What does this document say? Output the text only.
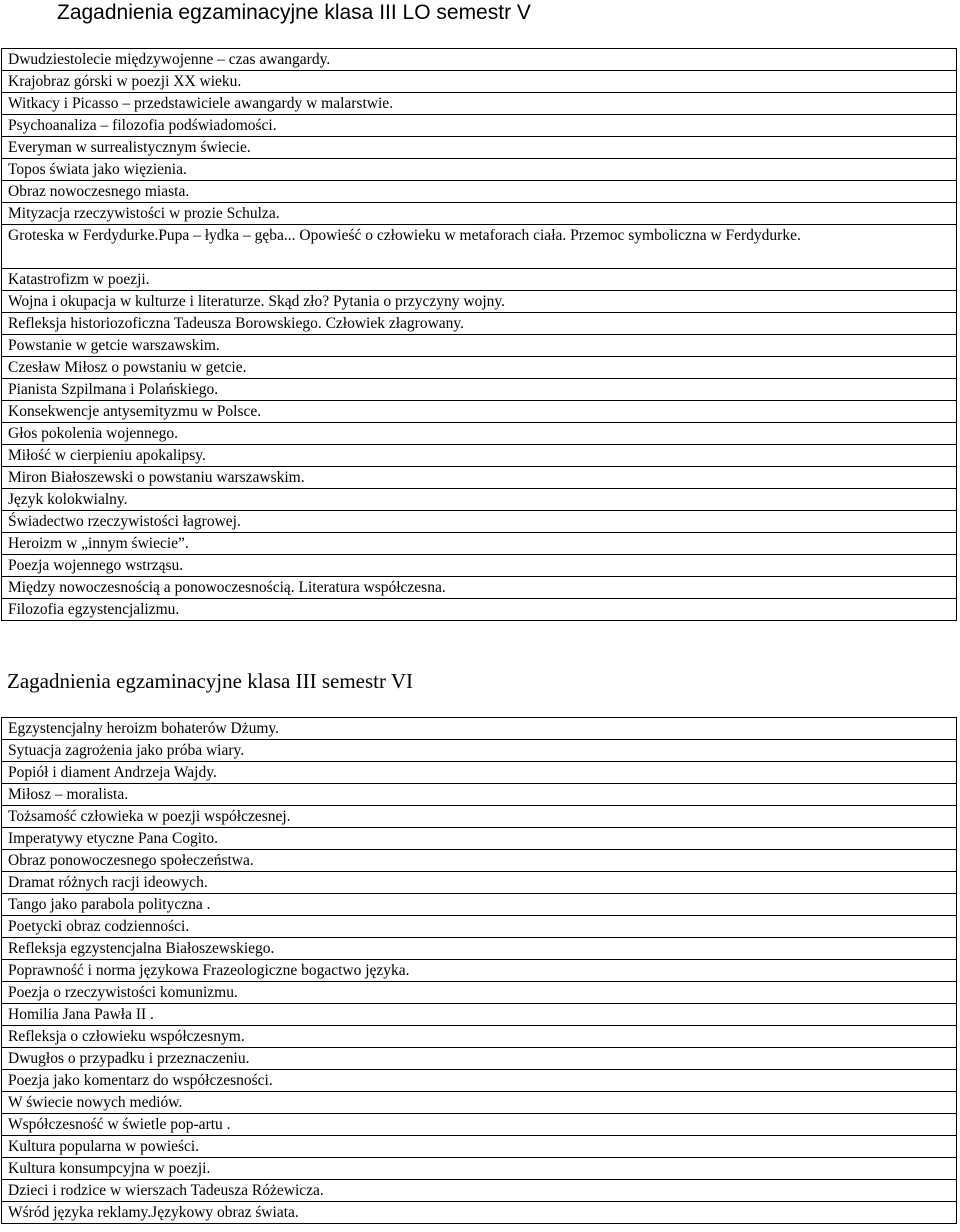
Zagadnienia egzaminacyjne klasa III LO semestr V
Dwudziestolecie międzywojenne – czas awangardy.
Krajobraz górski w poezji XX wieku.
Witkacy i Picasso – przedstawiciele awangardy w malarstwie.
Psychoanaliza – filozofia podświadomości.
Everyman w surrealistycznym świecie.
Topos świata jako więzienia.
Obraz nowoczesnego miasta.
Mityzacja rzeczywistości w prozie Schulza.
Groteska w Ferdydurke.Pupa – łydka – gęba... Opowieść o człowieku w metaforach ciała. Przemoc symboliczna w Ferdydurke.
Katastrofizm w poezji.
Wojna i okupacja w kulturze i literaturze. Skąd zło? Pytania o przyczyny wojny.
Refleksja historiozoficzna Tadeusza Borowskiego. Człowiek złagrowany.
Powstanie w getcie warszawskim.
Czesław Miłosz o powstaniu w getcie.
Pianista Szpilmana i Polańskiego.
Konsekwencje antysemityzmu w Polsce.
Głos pokolenia wojennego.
Miłość w cierpieniu apokalipsy.
Miron Białoszewski o powstaniu warszawskim.
Język kolokwialny.
Świadectwo rzeczywistości łagrowej.
Heroizm w „innym świecie”.
Poezja wojennego wstrząsu.
Między nowoczesnością a ponowoczesnością. Literatura współczesna.
Filozofia egzystencjalizmu.
Zagadnienia egzaminacyjne klasa III semestr VI
Egzystencjalny heroizm bohaterów Dżumy.
Sytuacja zagrożenia jako próba wiary.
Popiół i diament Andrzeja Wajdy.
Miłosz – moralista.
Tożsamość człowieka w poezji współczesnej.
Imperatywy etyczne Pana Cogito.
Obraz ponowoczesnego społeczeństwa.
Dramat różnych racji ideowych.
Tango jako parabola polityczna .
Poetycki obraz codzienności.
Refleksja egzystencjalna Białoszewskiego.
Poprawność i norma językowa Frazeologiczne bogactwo języka.
Poezja o rzeczywistości komunizmu.
Homilia Jana Pawła II .
Refleksja o człowieku współczesnym.
Dwugłos o przypadku i przeznaczeniu.
Poezja jako komentarz do współczesności.
W świecie nowych mediów.
Współczesność w świetle pop-artu .
Kultura popularna w powieści.
Kultura konsumpcyjna w poezji.
Dzieci i rodzice w wierszach Tadeusza Różewicza.
Wśród języka reklamy.Językowy obraz świata.
